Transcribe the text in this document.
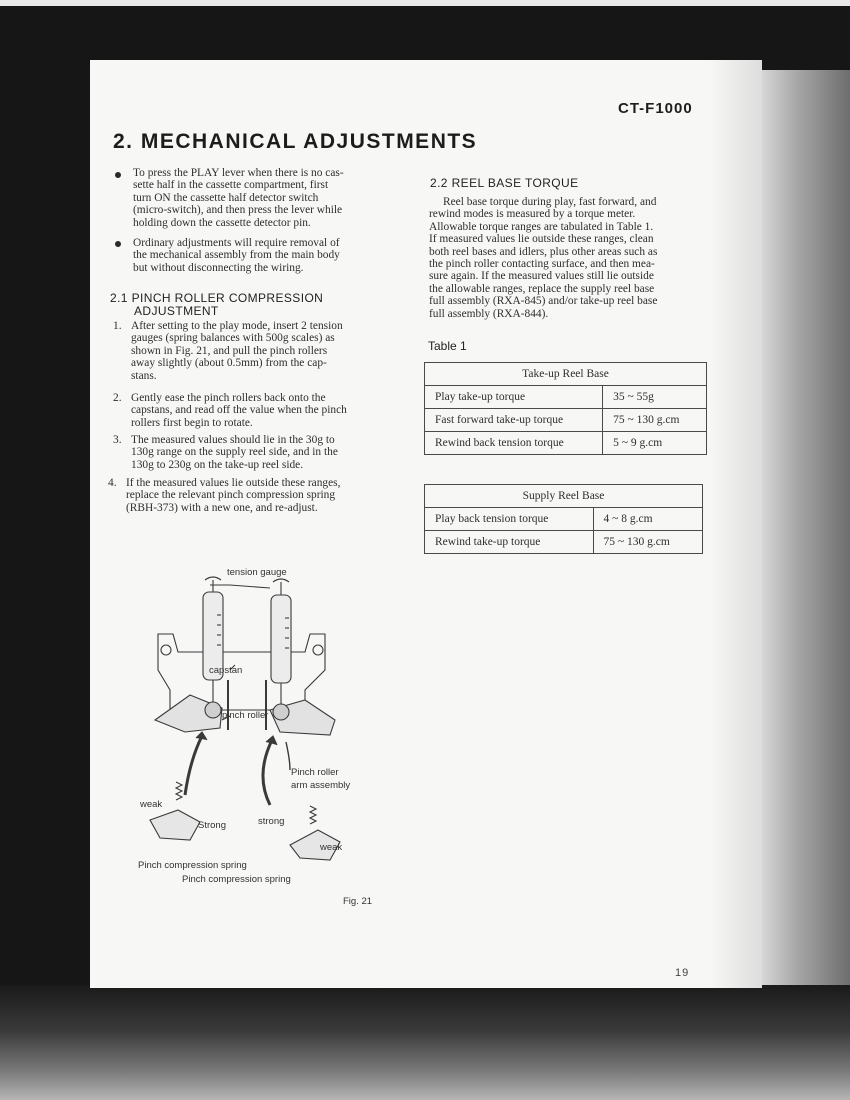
CT-F1000
2. MECHANICAL ADJUSTMENTS
To press the PLAY lever when there is no cas-
sette half in the cassette compartment, first
turn ON the cassette half detector switch
(micro-switch), and then press the lever while
holding down the cassette detector pin.
Ordinary adjustments will require removal of
the mechanical assembly from the main body
but without disconnecting the wiring.
2.1 PINCH ROLLER COMPRESSION
ADJUSTMENT
1. After setting to the play mode, insert 2 tension
gauges (spring balances with 500g scales) as
shown in Fig. 21, and pull the pinch rollers
away slightly (about 0.5mm) from the cap-
stans.
2. Gently ease the pinch rollers back onto the
capstans, and read off the value when the pinch
rollers first begin to rotate.
3. The measured values should lie in the 30g to
130g range on the supply reel side, and in the
130g to 230g on the take-up reel side.
4. If the measured values lie outside these ranges,
replace the relevant pinch compression spring
(RBH-373) with a new one, and re-adjust.
2.2 REEL BASE TORQUE
Reel base torque during play, fast forward, and
rewind modes is measured by a torque meter.
Allowable torque ranges are tabulated in Table 1.
If measured values lie outside these ranges, clean
both reel bases and idlers, plus other areas such as
the pinch roller contacting surface, and then mea-
sure again. If the measured values still lie outside
the allowable ranges, replace the supply reel base
full assembly (RXA-845) and/or take-up reel base
full assembly (RXA-844).
Table 1
Take-up Reel Base	
Play take-up torque	35 ~ 55g
Fast forward take-up torque	75 ~ 130 g.cm
Rewind back tension torque	5 ~ 9 g.cm
Supply Reel Base	
Play back tension torque	4 ~ 8 g.cm
Rewind take-up torque	75 ~ 130 g.cm
tension gauge
capstan
pinch roller
Pinch roller
arm assembly
weak
Strong	strong
weak
Pinch compression spring
Pinch compression spring
Fig. 21
19
